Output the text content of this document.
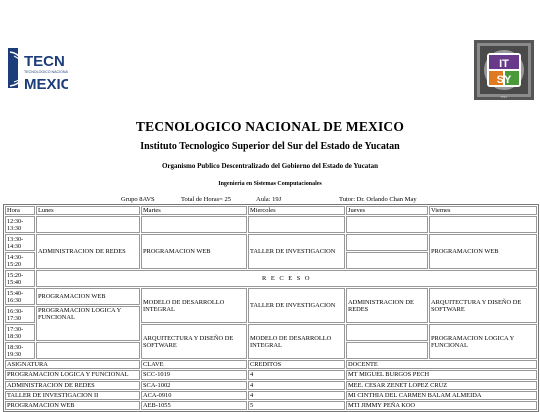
TECN
TECNOLOGICO NACIONAL
MEXIC
IT
SY
ITSY
TECNOLOGICO NACIONAL DE MEXICO
Instituto Tecnologico Superior del Sur del Estado de Yucatan
Organismo Publico Descentralizado del Gobierno del Estado de Yucatan
Ingenieria en Sistemas Computacionales
Grupo 8AVS	Total de Horas= 25	Aula: 19J	Tutor: Dr. Orlando Chan May
Hora	Lunes	Martes	Miercoles	Jueves	Viernes
12:30-13:30					
13:30-14:30	ADMINISTRACION DE REDES	PROGRAMACION WEB	TALLER DE INVESTIGACION		PROGRAMACION WEB
14:30-15:20					
15:20-15:40	R E C E S O				
15:40-16:30	PROGRAMACION WEB	MODELO DE DESARROLLO INTEGRAL	TALLER DE INVESTIGACION	ADMINISTRACION DE REDES	ARQUITECTURA Y DISEÑO DE SOFTWARE
16:30-17:30	PROGRAMACION LOGICA Y FUNCIONAL				
17:30-18:30		ARQUITECTURA Y DISEÑO DE SOFTWARE	MODELO DE DESARROLLO INTEGRAL		PROGRAMACION LOGICA Y FUNCIONAL
18:30-19:30					
ASIGNATURA		CLAVE	CREDITOS	DOCENTE	
PROGRAMACION LOGICA Y FUNCIONAL		SCC-1019	4	MT MIGUEL BURGOS PECH	
ADMINISTRACION DE REDES		SCA-1002	4	MEE. CESAR ZENET LOPEZ CRUZ	
TALLER DE INVESTIGACION II		ACA-0910	4	MI CINTHIA DEL CARMEN BALAM ALMEIDA	
PROGRAMACION WEB		AEB-1055	5	MTI JIMMY PEÑA KOO	
